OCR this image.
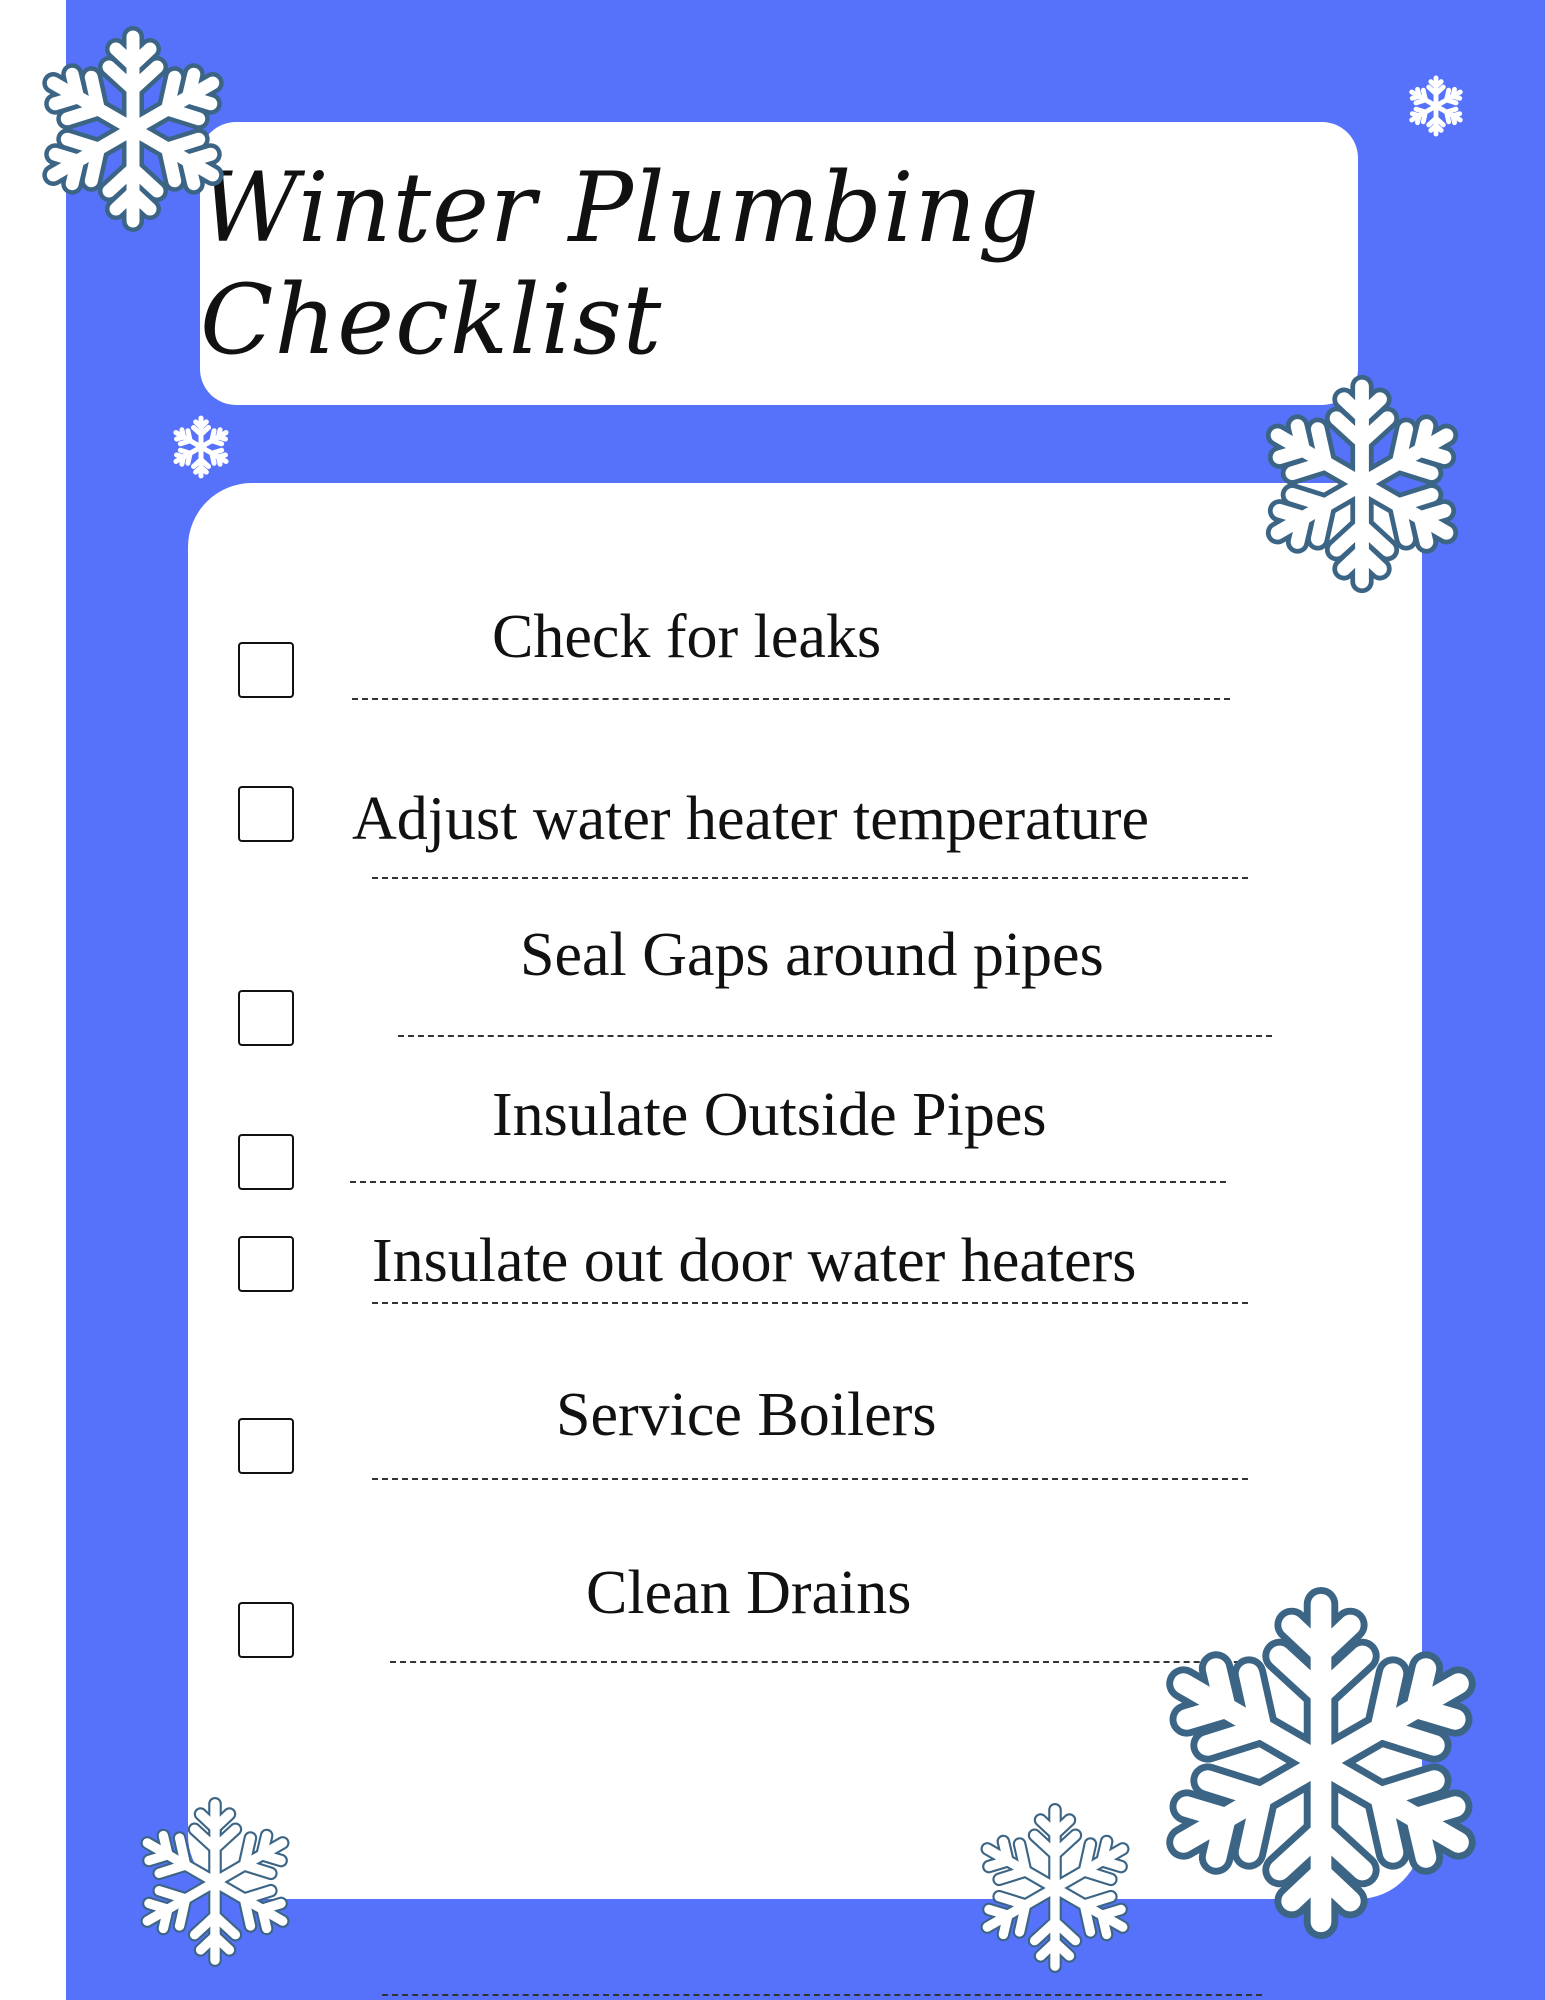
Winter Plumbing Checklist
Check for leaks
Adjust water heater temperature
Seal Gaps around pipes
Insulate Outside Pipes
Insulate out door water heaters
Service Boilers
Clean Drains
